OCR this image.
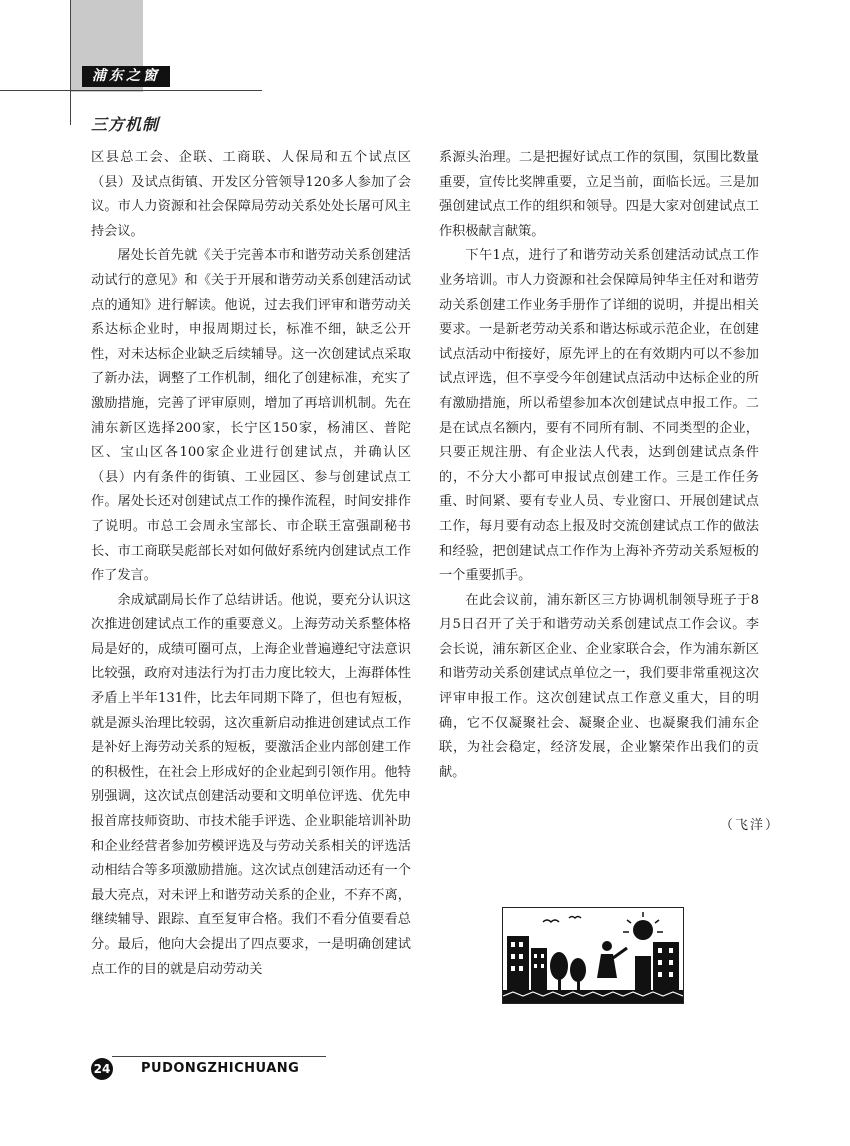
浦东之窗
三方机制

区县总工会、企联、工商联、人保局和五个试点区（县）及试点街镇、开发区分管领导120多人参加了会议。市人力资源和社会保障局劳动关系处处长屠可风主持会议。

屠处长首先就《关于完善本市和谐劳动关系创建活动试行的意见》和《关于开展和谐劳动关系创建活动试点的通知》进行解读。他说，过去我们评审和谐劳动关系达标企业时，申报周期过长，标准不细，缺乏公开性，对未达标企业缺乏后续辅导。这一次创建试点采取了新办法，调整了工作机制，细化了创建标准，充实了激励措施，完善了评审原则，增加了再培训机制。先在浦东新区选择200家，长宁区150家，杨浦区、普陀区、宝山区各100家企业进行创建试点，并确认区（县）内有条件的街镇、工业园区、参与创建试点工作。屠处长还对创建试点工作的操作流程，时间安排作了说明。市总工会周永宝部长、市企联王富强副秘书长、市工商联吴彪部长对如何做好系统内创建试点工作作了发言。

余成斌副局长作了总结讲话。他说，要充分认识这次推进创建试点工作的重要意义。上海劳动关系整体格局是好的，成绩可圈可点，上海企业普遍遵纪守法意识比较强，政府对违法行为打击力度比较大，上海群体性矛盾上半年131件，比去年同期下降了，但也有短板，就是源头治理比较弱，这次重新启动推进创建试点工作是补好上海劳动关系的短板，要激活企业内部创建工作的积极性，在社会上形成好的企业起到引领作用。他特别强调，这次试点创建活动要和文明单位评选、优先申报首席技师资助、市技术能手评选、企业职能培训补助和企业经营者参加劳模评选及与劳动关系相关的评选活动相结合等多项激励措施。这次试点创建活动还有一个最大亮点，对未评上和谐劳动关系的企业，不弃不离，继续辅导、跟踪、直至复审合格。我们不看分值要看总分。最后，他向大会提出了四点要求，一是明确创建试点工作的目的就是启动劳动关

系源头治理。二是把握好试点工作的氛围，氛围比数量重要，宣传比奖牌重要，立足当前，面临长远。三是加强创建试点工作的组织和领导。四是大家对创建试点工作积极献言献策。

下午1点，进行了和谐劳动关系创建活动试点工作业务培训。市人力资源和社会保障局钟华主任对和谐劳动关系创建工作业务手册作了详细的说明，并提出相关要求。一是新老劳动关系和谐达标或示范企业，在创建试点活动中衔接好，原先评上的在有效期内可以不参加试点评选，但不享受今年创建试点活动中达标企业的所有激励措施，所以希望参加本次创建试点申报工作。二是在试点名额内，要有不同所有制、不同类型的企业，只要正规注册、有企业法人代表，达到创建试点条件的，不分大小都可申报试点创建工作。三是工作任务重、时间紧、要有专业人员、专业窗口、开展创建试点工作，每月要有动态上报及时交流创建试点工作的做法和经验，把创建试点工作作为上海补齐劳动关系短板的一个重要抓手。

在此会议前，浦东新区三方协调机制领导班子于8月5日召开了关于和谐劳动关系创建试点工作会议。李会长说，浦东新区企业、企业家联合会，作为浦东新区和谐劳动关系创建试点单位之一，我们要非常重视这次评审申报工作。这次创建试点工作意义重大，目的明确，它不仅凝聚社会、凝聚企业、也凝聚我们浦东企联，为社会稳定，经济发展，企业繁荣作出我们的贡献。

（飞洋）
24 PUDONGZHICHUANG
